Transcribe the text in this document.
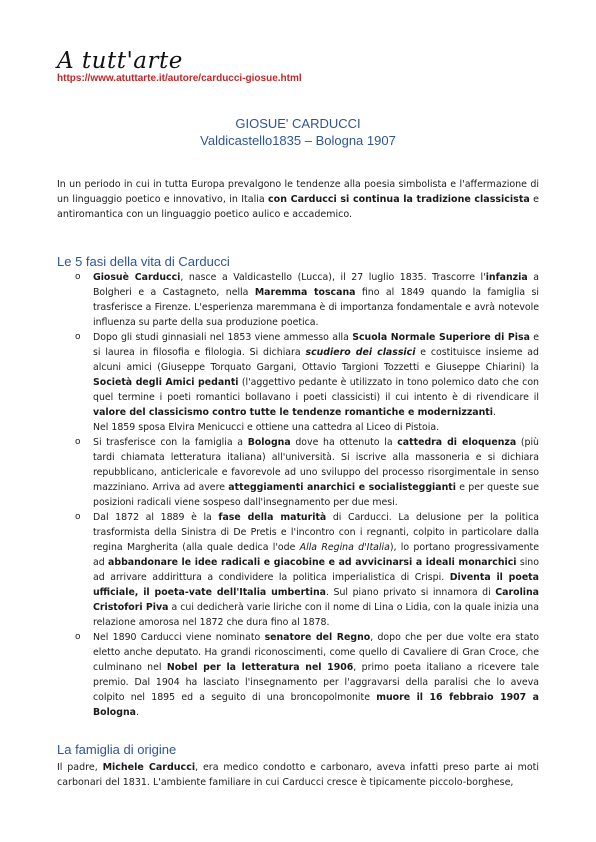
A tutt'arte
https://www.atuttarte.it/autore/carducci-giosue.html
GIOSUE' CARDUCCI
Valdicastello1835 – Bologna 1907
In un periodo in cui in tutta Europa prevalgono le tendenze alla poesia simbolista e l'affermazione di un linguaggio poetico e innovativo, in Italia con Carducci si continua la tradizione classicista e antiromantica con un linguaggio poetico aulico e accademico.
Le 5 fasi della vita di Carducci
o Giosuè Carducci, nasce a Valdicastello (Lucca), il 27 luglio 1835. Trascorre l'infanzia a Bolgheri e a Castagneto, nella Maremma toscana fino al 1849 quando la famiglia si trasferisce a Firenze. L'esperienza maremmana è di importanza fondamentale e avrà notevole influenza su parte della sua produzione poetica.
o Dopo gli studi ginnasiali nel 1853 viene ammesso alla Scuola Normale Superiore di Pisa e si laurea in filosofia e filologia. Si dichiara scudiero dei classici e costituisce insieme ad alcuni amici (Giuseppe Torquato Gargani, Ottavio Targioni Tozzetti e Giuseppe Chiarini) la Società degli Amici pedanti (l'aggettivo pedante è utilizzato in tono polemico dato che con quel termine i poeti romantici bollavano i poeti classicisti) il cui intento è di rivendicare il valore del classicismo contro tutte le tendenze romantiche e modernizzanti.
Nel 1859 sposa Elvira Menicucci e ottiene una cattedra al Liceo di Pistoia.
o Si trasferisce con la famiglia a Bologna dove ha ottenuto la cattedra di eloquenza (più tardi chiamata letteratura italiana) all'università. Si iscrive alla massoneria e si dichiara repubblicano, anticlericale e favorevole ad uno sviluppo del processo risorgimentale in senso mazziniano. Arriva ad avere atteggiamenti anarchici e socialisteggianti e per queste sue posizioni radicali viene sospeso dall'insegnamento per due mesi.
o Dal 1872 al 1889 è la fase della maturità di Carducci. La delusione per la politica trasformista della Sinistra di De Pretis e l'incontro con i regnanti, colpito in particolare dalla regina Margherita (alla quale dedica l'ode Alla Regina d'Italia), lo portano progressivamente ad abbandonare le idee radicali e giacobine e ad avvicinarsi a ideali monarchici sino ad arrivare addirittura a condividere la politica imperialistica di Crispi. Diventa il poeta ufficiale, il poeta-vate dell'Italia umbertina. Sul piano privato si innamora di Carolina Cristofori Piva a cui dedicherà varie liriche con il nome di Lina o Lidia, con la quale inizia una relazione amorosa nel 1872 che dura fino al 1878.
o Nel 1890 Carducci viene nominato senatore del Regno, dopo che per due volte era stato eletto anche deputato. Ha grandi riconoscimenti, come quello di Cavaliere di Gran Croce, che culminano nel Nobel per la letteratura nel 1906, primo poeta italiano a ricevere tale premio. Dal 1904 ha lasciato l'insegnamento per l'aggravarsi della paralisi che lo aveva colpito nel 1895 ed a seguito di una broncopolmonite muore il 16 febbraio 1907 a Bologna.
La famiglia di origine
Il padre, Michele Carducci, era medico condotto e carbonaro, aveva infatti preso parte ai moti carbonari del 1831. L'ambiente familiare in cui Carducci cresce è tipicamente piccolo-borghese,
